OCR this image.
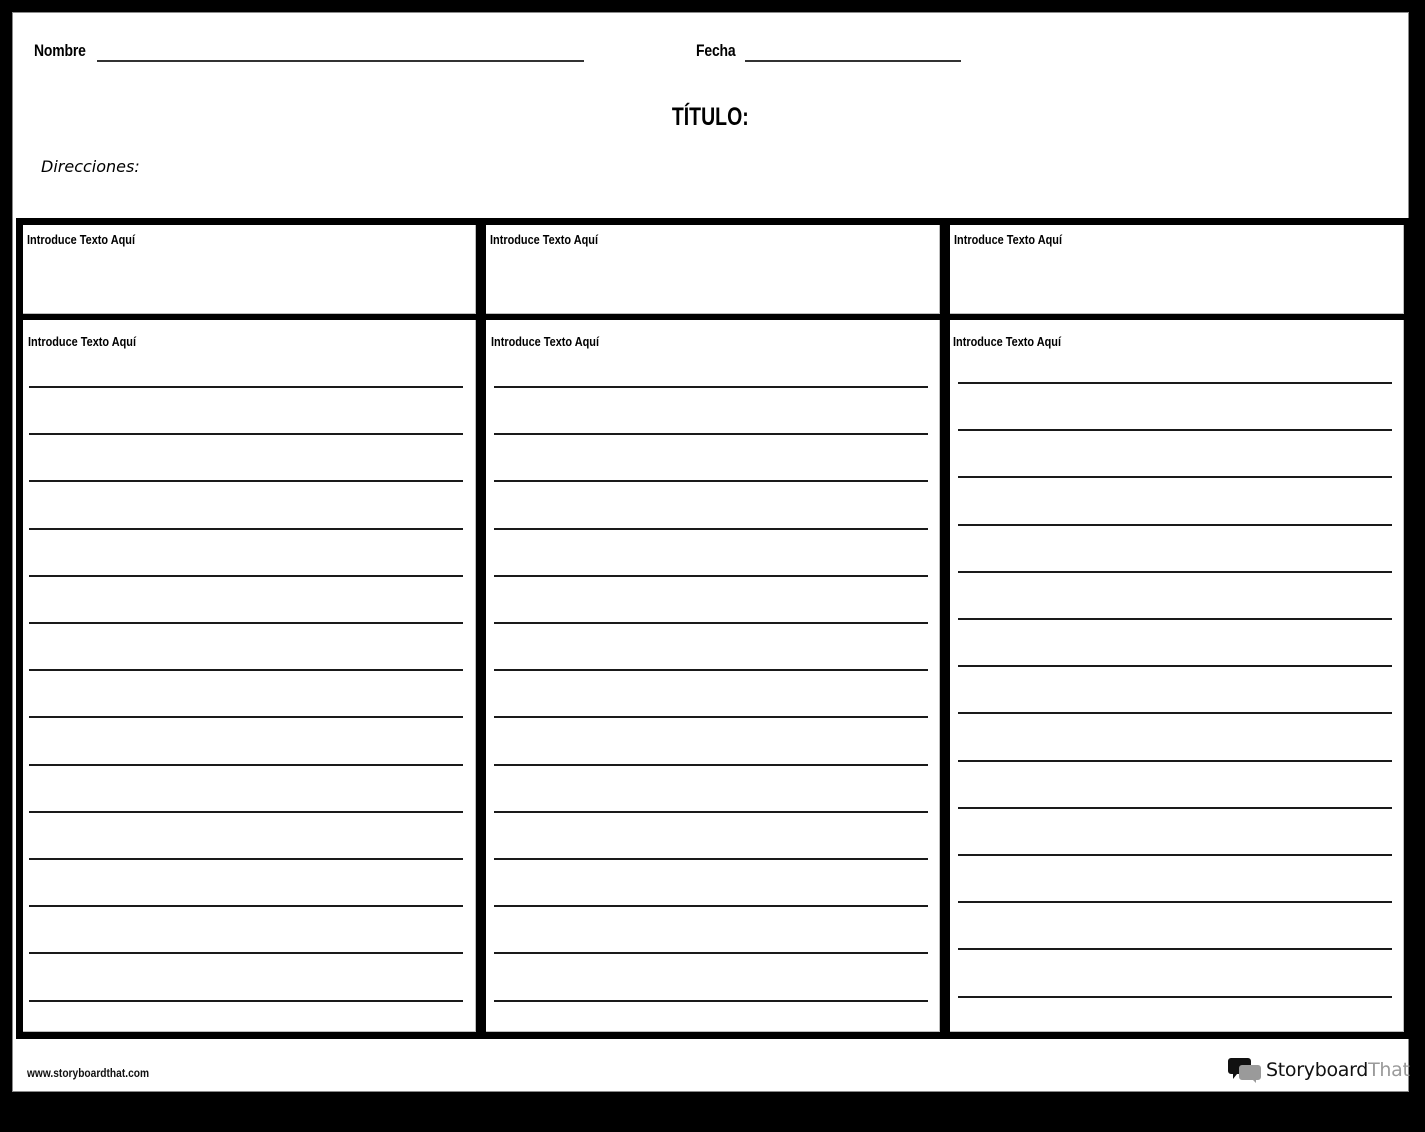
Nombre	Fecha
TÍTULO:
Direcciones:
Introduce Texto Aquí	Introduce Texto Aquí	Introduce Texto Aquí
Introduce Texto Aquí	Introduce Texto Aquí	Introduce Texto Aquí
www.storyboardthat.com	StoryboardThat
